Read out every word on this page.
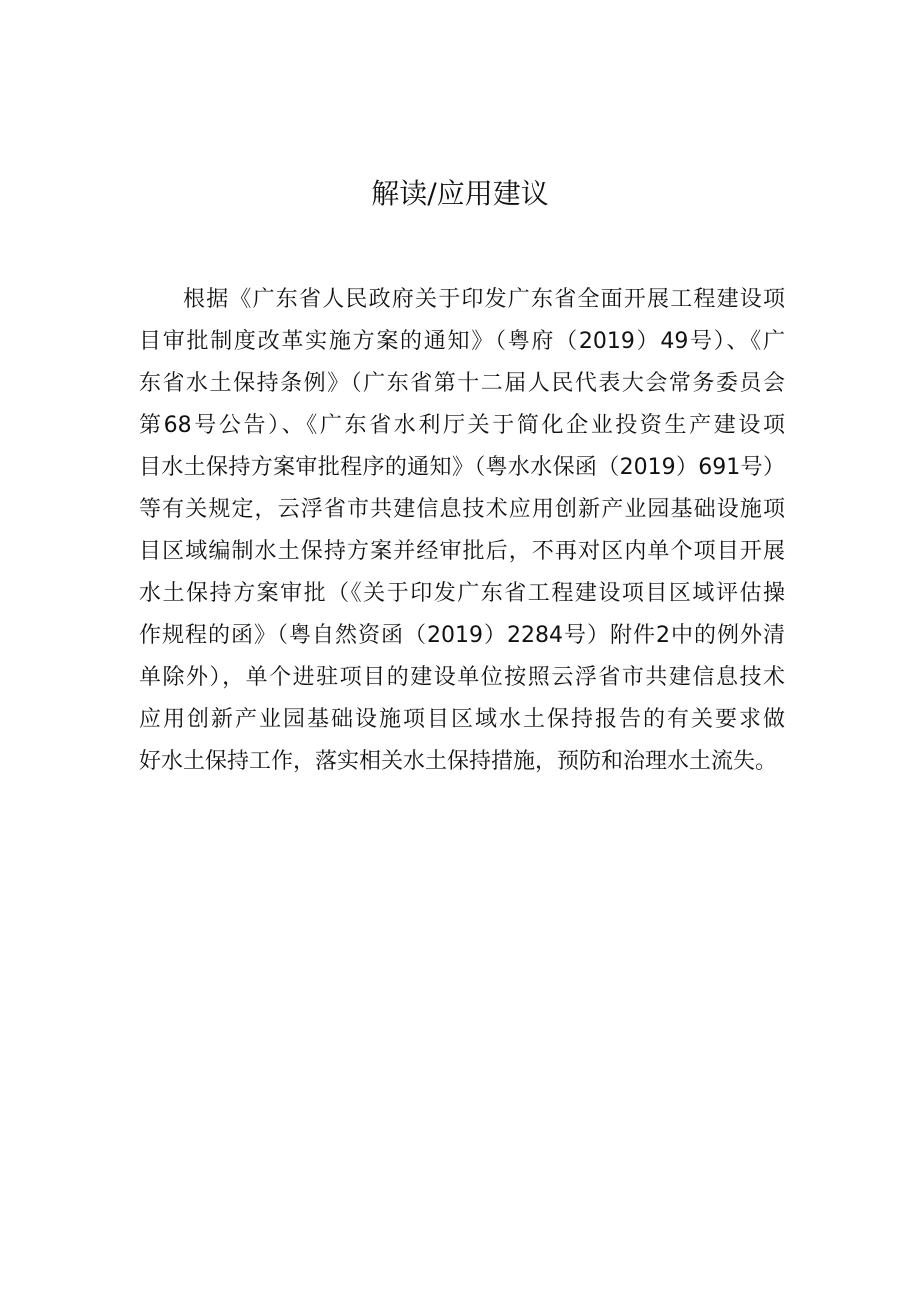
解读/应用建议
根据《广东省人民政府关于印发广东省全面开展工程建设项
目审批制度改革实施方案的通知》（粤府（2019）49号）、《广
东省水土保持条例》（广东省第十二届人民代表大会常务委员会
第68号公告）、《广东省水利厅关于简化企业投资生产建设项
目水土保持方案审批程序的通知》（粤水水保函（2019）691号）
等有关规定，云浮省市共建信息技术应用创新产业园基础设施项
目区域编制水土保持方案并经审批后，不再对区内单个项目开展
水土保持方案审批（《关于印发广东省工程建设项目区域评估操
作规程的函》（粤自然资函（2019）2284号）附件2中的例外清
单除外），单个进驻项目的建设单位按照云浮省市共建信息技术
应用创新产业园基础设施项目区域水土保持报告的有关要求做
好水土保持工作，落实相关水土保持措施，预防和治理水土流失。
